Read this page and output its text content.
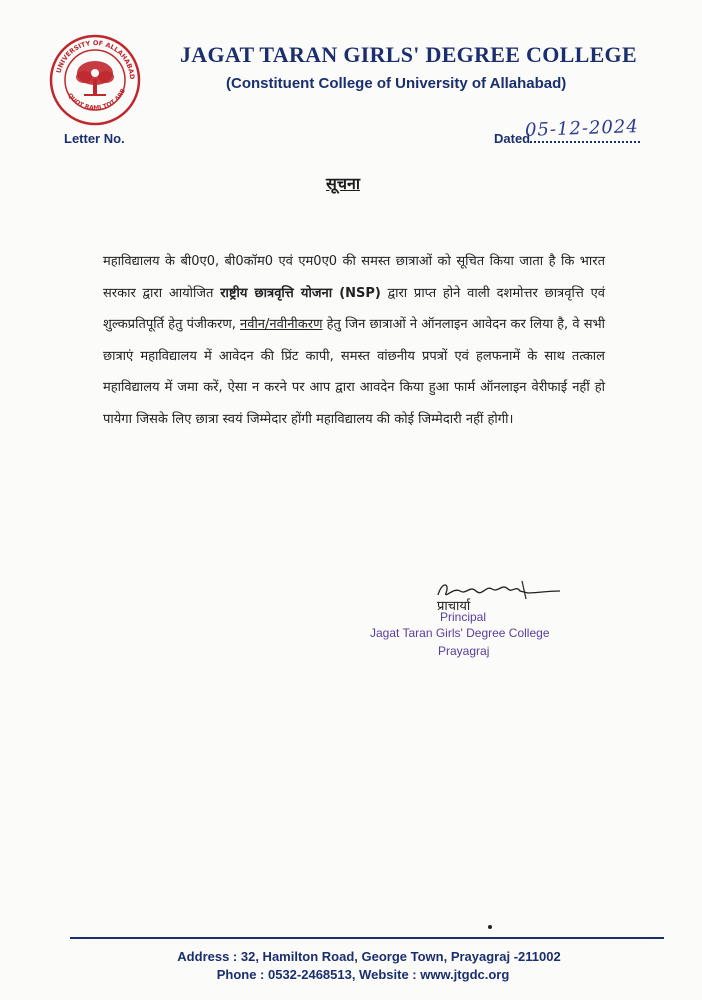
UNIVERSITY OF ALLAHABAD
QUOT RAMI TOT ARB
JAGAT TARAN GIRLS' DEGREE COLLEGE
(Constituent College of University of Allahabad)
Letter No.	Dated
05-12-2024
सूचना
महाविद्यालय के बी0ए0, बी0कॉम0 एवं एम0ए0 की समस्त छात्राओं को सूचित किया जाता है कि भारत सरकार द्वारा आयोजित राष्ट्रीय छात्रवृत्ति योजना (NSP) द्वारा प्राप्त होने वाली दशमोत्तर छात्रवृत्ति एवं शुल्कप्रतिपूर्ति हेतु पंजीकरण, नवीन/नवीनीकरण हेतु जिन छात्राओं ने ऑनलाइन आवेदन कर लिया है, वे सभी छात्राएं महाविद्यालय में आवेदन की प्रिंट कापी, समस्त वांछनीय प्रपत्रों एवं हलफनामें के साथ तत्काल महाविद्यालय में जमा करें, ऐसा न करने पर आप द्वारा आवदेन किया हुआ फार्म ऑनलाइन वेरीफाई नहीं हो पायेगा जिसके लिए छात्रा स्वयं जिम्मेदार होंगी महाविद्यालय की कोई जिम्मेदारी नहीं होगी।
प्राचार्या
Principal
Jagat Taran Girls' Degree College
Prayagraj
Address : 32, Hamilton Road, George Town, Prayagraj -211002
Phone : 0532-2468513, Website : www.jtgdc.org
